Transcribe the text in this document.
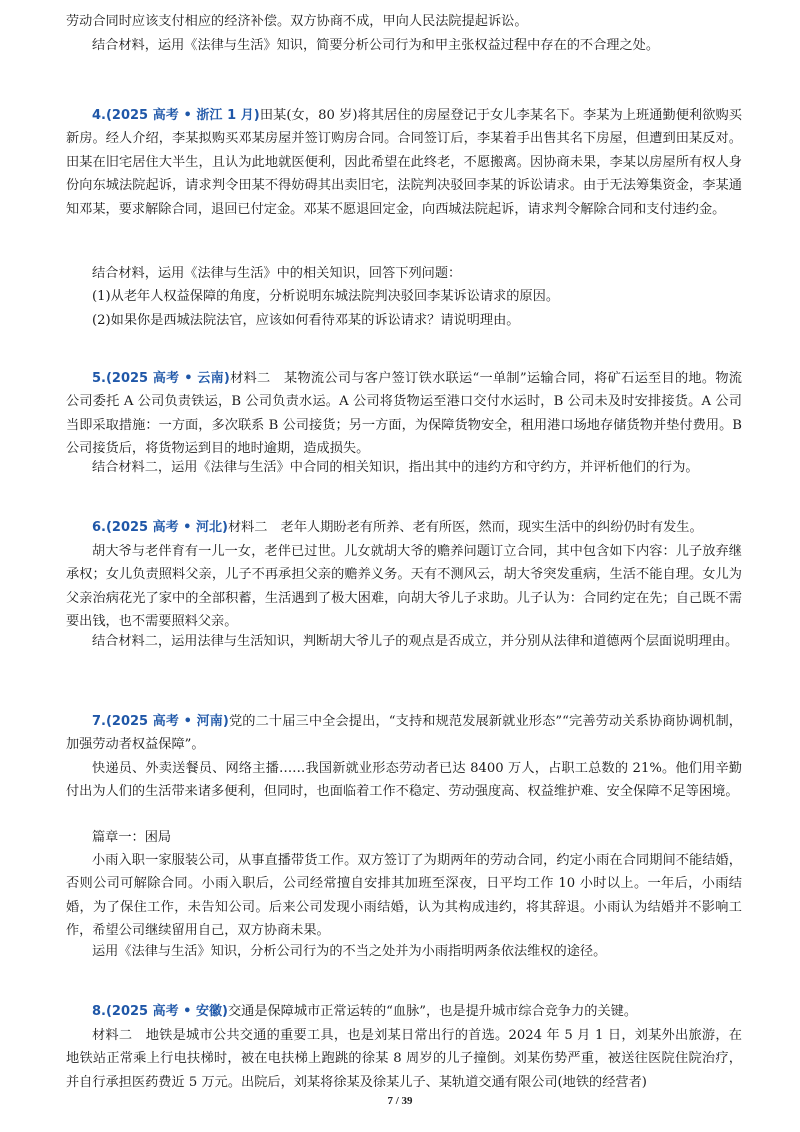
劳动合同时应该支付相应的经济补偿。双方协商不成，甲向人民法院提起诉讼。

结合材料，运用《法律与生活》知识，简要分析公司行为和甲主张权益过程中存在的不合理之处。

4.(2025 高考 • 浙江 1 月)田某(女，80 岁)将其居住的房屋登记于女儿李某名下。李某为上班通勤便利欲购买新房。经人介绍，李某拟购买邓某房屋并签订购房合同。合同签订后，李某着手出售其名下房屋，但遭到田某反对。田某在旧宅居住大半生，且认为此地就医便利，因此希望在此终老，不愿搬离。因协商未果，李某以房屋所有权人身份向东城法院起诉，请求判令田某不得妨碍其出卖旧宅，法院判决驳回李某的诉讼请求。由于无法筹集资金，李某通知邓某，要求解除合同，退回已付定金。邓某不愿退回定金，向西城法院起诉，请求判令解除合同和支付违约金。

结合材料，运用《法律与生活》中的相关知识，回答下列问题：

(1)从老年人权益保障的角度，分析说明东城法院判决驳回李某诉讼请求的原因。

(2)如果你是西城法院法官，应该如何看待邓某的诉讼请求？请说明理由。

5.(2025 高考 • 云南)材料二　某物流公司与客户签订铁水联运“一单制”运输合同，将矿石运至目的地。物流公司委托 A 公司负责铁运，B 公司负责水运。A 公司将货物运至港口交付水运时，B 公司未及时安排接货。A 公司当即采取措施：一方面，多次联系 B 公司接货；另一方面，为保障货物安全，租用港口场地存储货物并垫付费用。B 公司接货后，将货物运到目的地时逾期，造成损失。

结合材料二，运用《法律与生活》中合同的相关知识，指出其中的违约方和守约方，并评析他们的行为。

6.(2025 高考 • 河北)材料二　老年人期盼老有所养、老有所医，然而，现实生活中的纠纷仍时有发生。

胡大爷与老伴育有一儿一女，老伴已过世。儿女就胡大爷的赡养问题订立合同，其中包含如下内容：儿子放弃继承权；女儿负责照料父亲，儿子不再承担父亲的赡养义务。天有不测风云，胡大爷突发重病，生活不能自理。女儿为父亲治病花光了家中的全部积蓄，生活遇到了极大困难，向胡大爷儿子求助。儿子认为：合同约定在先；自己既不需要出钱，也不需要照料父亲。

结合材料二，运用法律与生活知识，判断胡大爷儿子的观点是否成立，并分别从法律和道德两个层面说明理由。

7.(2025 高考 • 河南)党的二十届三中全会提出，“支持和规范发展新就业形态”“完善劳动关系协商协调机制，加强劳动者权益保障”。

快递员、外卖送餐员、网络主播……我国新就业形态劳动者已达 8400 万人，占职工总数的 21%。他们用辛勤付出为人们的生活带来诸多便利，但同时，也面临着工作不稳定、劳动强度高、权益维护难、安全保障不足等困境。

篇章一：困局

小雨入职一家服装公司，从事直播带货工作。双方签订了为期两年的劳动合同，约定小雨在合同期间不能结婚，否则公司可解除合同。小雨入职后，公司经常擅自安排其加班至深夜，日平均工作 10 小时以上。一年后，小雨结婚，为了保住工作，未告知公司。后来公司发现小雨结婚，认为其构成违约，将其辞退。小雨认为结婚并不影响工作，希望公司继续留用自己，双方协商未果。

运用《法律与生活》知识，分析公司行为的不当之处并为小雨指明两条依法维权的途径。

8.(2025 高考 • 安徽)交通是保障城市正常运转的“血脉”，也是提升城市综合竞争力的关键。

材料二　地铁是城市公共交通的重要工具，也是刘某日常出行的首选。2024 年 5 月 1 日，刘某外出旅游，在地铁站正常乘上行电扶梯时，被在电扶梯上跑跳的徐某 8 周岁的儿子撞倒。刘某伤势严重，被送往医院住院治疗，并自行承担医药费近 5 万元。出院后，刘某将徐某及徐某儿子、某轨道交通有限公司(地铁的经营者)

7 / 39
